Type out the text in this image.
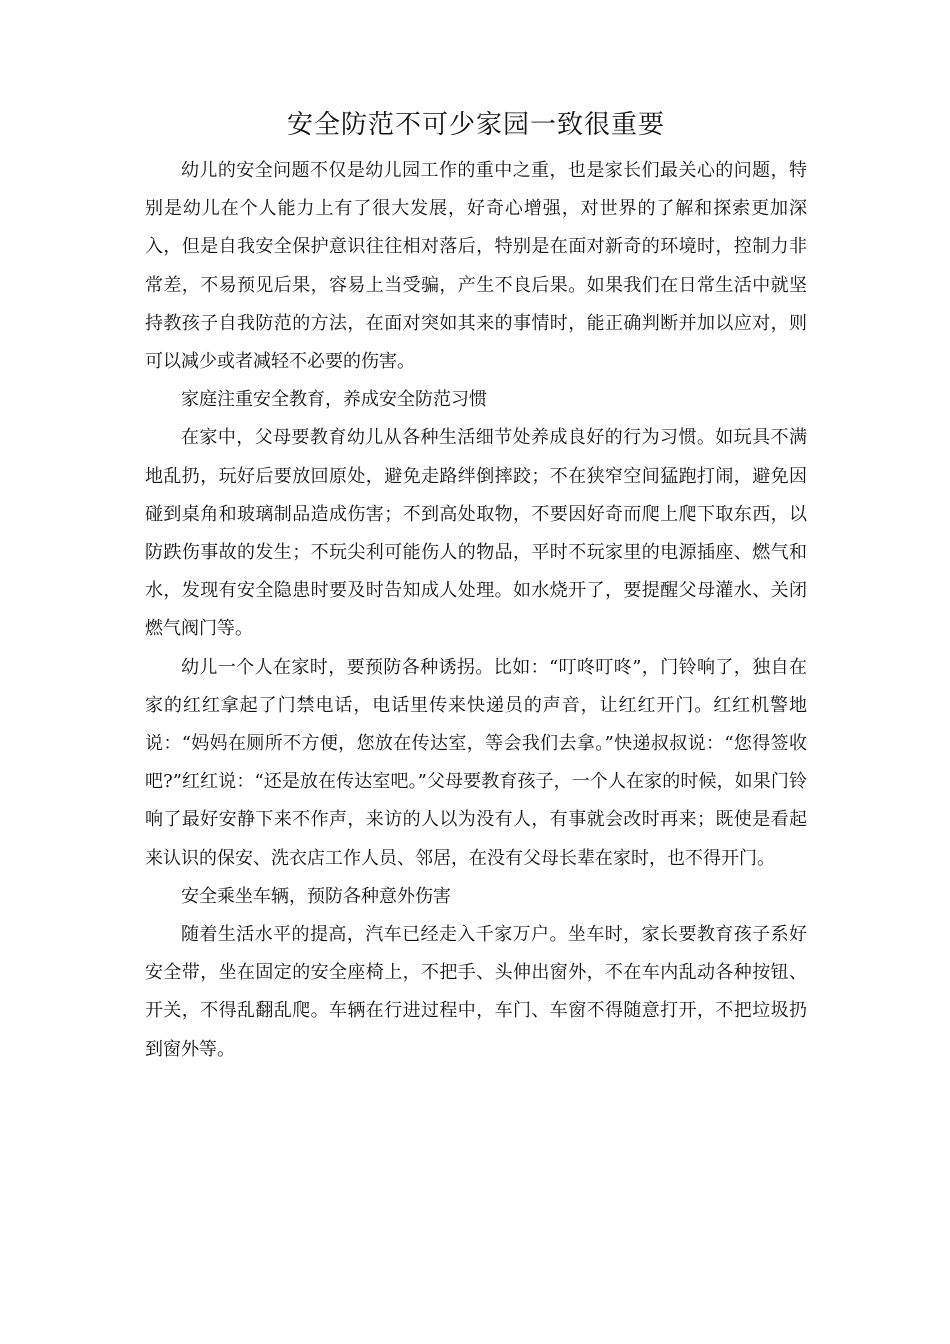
安全防范不可少家园一致很重要

幼儿的安全问题不仅是幼儿园工作的重中之重，也是家长们最关心的问题，特别是幼儿在个人能力上有了很大发展，好奇心增强，对世界的了解和探索更加深入，但是自我安全保护意识往往相对落后，特别是在面对新奇的环境时，控制力非常差，不易预见后果，容易上当受骗，产生不良后果。如果我们在日常生活中就坚持教孩子自我防范的方法，在面对突如其来的事情时，能正确判断并加以应对，则可以减少或者减轻不必要的伤害。

家庭注重安全教育，养成安全防范习惯

在家中，父母要教育幼儿从各种生活细节处养成良好的行为习惯。如玩具不满地乱扔，玩好后要放回原处，避免走路绊倒摔跤；不在狭窄空间猛跑打闹，避免因碰到桌角和玻璃制品造成伤害；不到高处取物，不要因好奇而爬上爬下取东西，以防跌伤事故的发生；不玩尖利可能伤人的物品，平时不玩家里的电源插座、燃气和水，发现有安全隐患时要及时告知成人处理。如水烧开了，要提醒父母灌水、关闭燃气阀门等。

幼儿一个人在家时，要预防各种诱拐。比如：“叮咚叮咚”，门铃响了，独自在家的红红拿起了门禁电话，电话里传来快递员的声音，让红红开门。红红机警地说：“妈妈在厕所不方便，您放在传达室，等会我们去拿。”快递叔叔说：“您得签收吧?”红红说：“还是放在传达室吧。”父母要教育孩子，一个人在家的时候，如果门铃响了最好安静下来不作声，来访的人以为没有人，有事就会改时再来；既使是看起来认识的保安、洗衣店工作人员、邻居，在没有父母长辈在家时，也不得开门。

安全乘坐车辆，预防各种意外伤害

随着生活水平的提高，汽车已经走入千家万户。坐车时，家长要教育孩子系好安全带，坐在固定的安全座椅上，不把手、头伸出窗外，不在车内乱动各种按钮、开关，不得乱翻乱爬。车辆在行进过程中，车门、车窗不得随意打开，不把垃圾扔到窗外等。
